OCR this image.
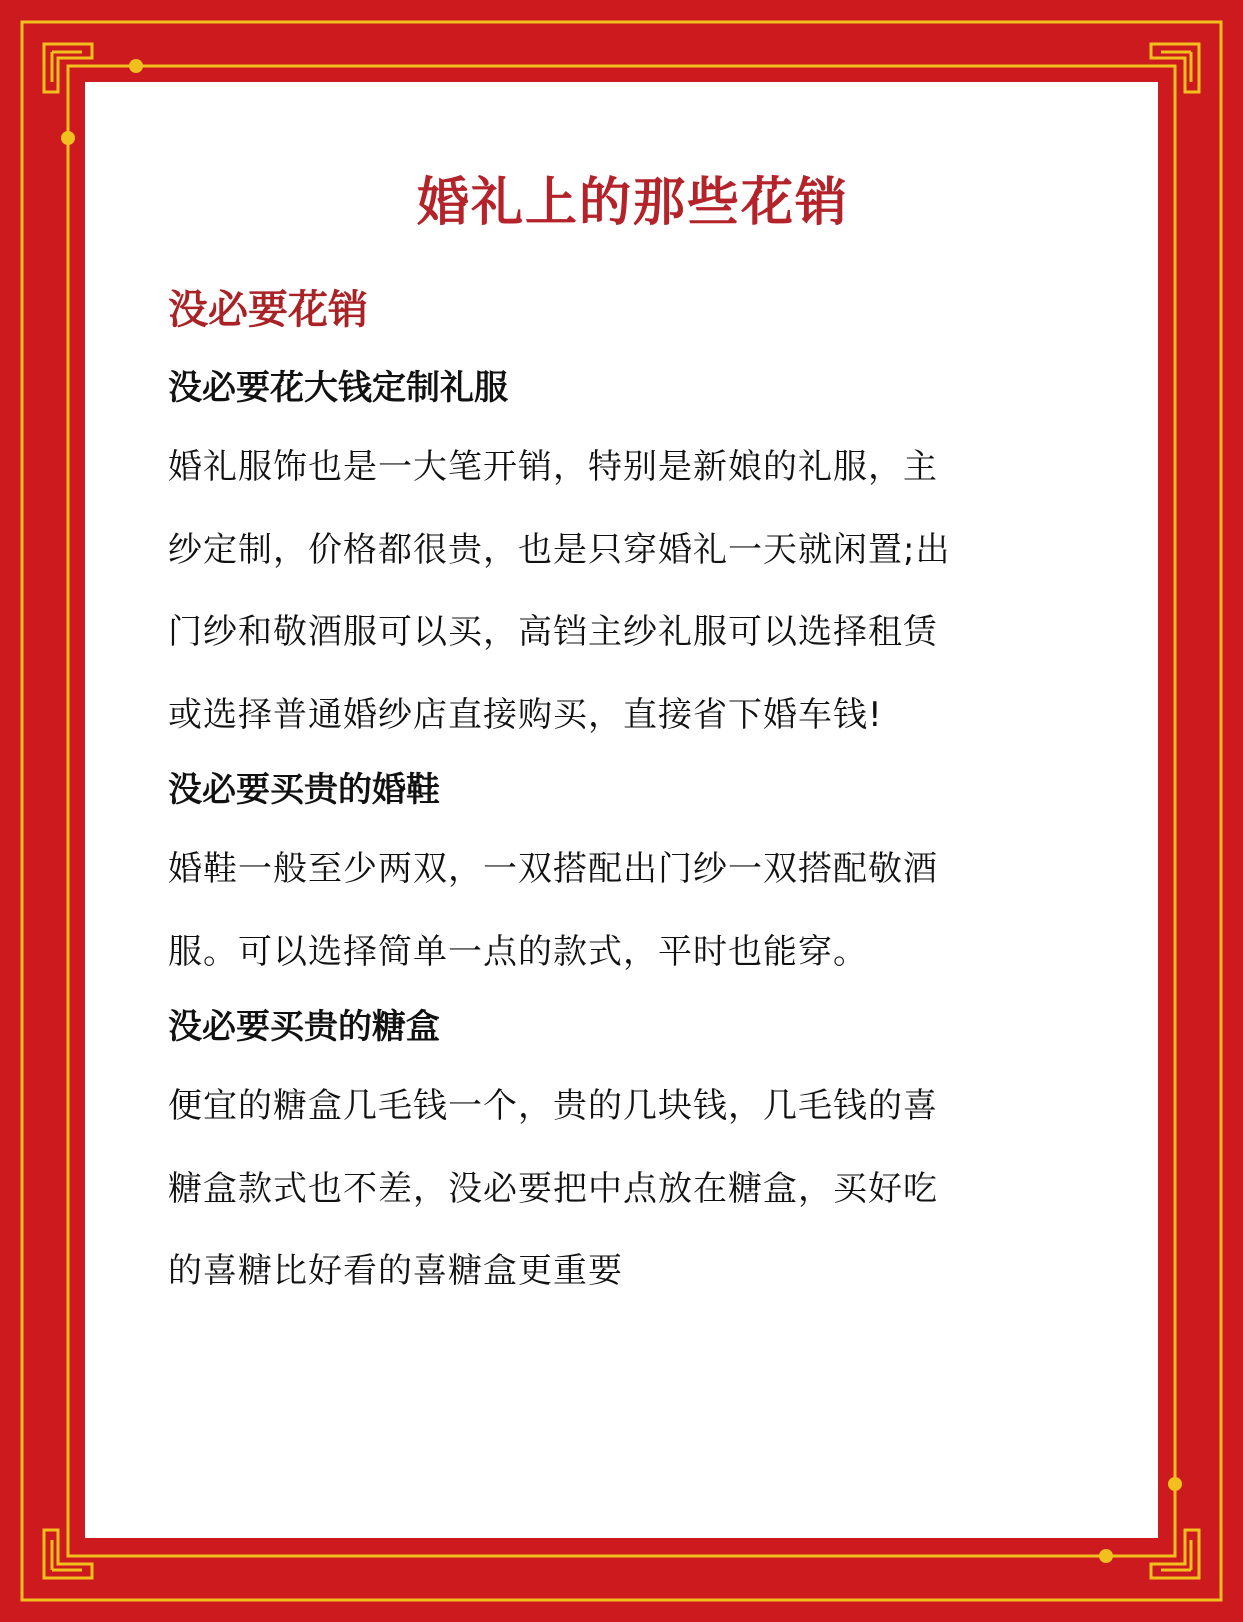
婚礼上的那些花销
没必要花销
没必要花大钱定制礼服
婚礼服饰也是一大笔开销，特别是新娘的礼服，主
纱定制，价格都很贵，也是只穿婚礼一天就闲置;出
门纱和敬酒服可以买，高铛主纱礼服可以选择租赁
或选择普通婚纱店直接购买，直接省下婚车钱!
没必要买贵的婚鞋
婚鞋一般至少两双，一双搭配出门纱一双搭配敬酒
服。可以选择简单一点的款式，平时也能穿。
没必要买贵的糖盒
便宜的糖盒几毛钱一个，贵的几块钱，几毛钱的喜
糖盒款式也不差，没必要把中点放在糖盒，买好吃
的喜糖比好看的喜糖盒更重要
